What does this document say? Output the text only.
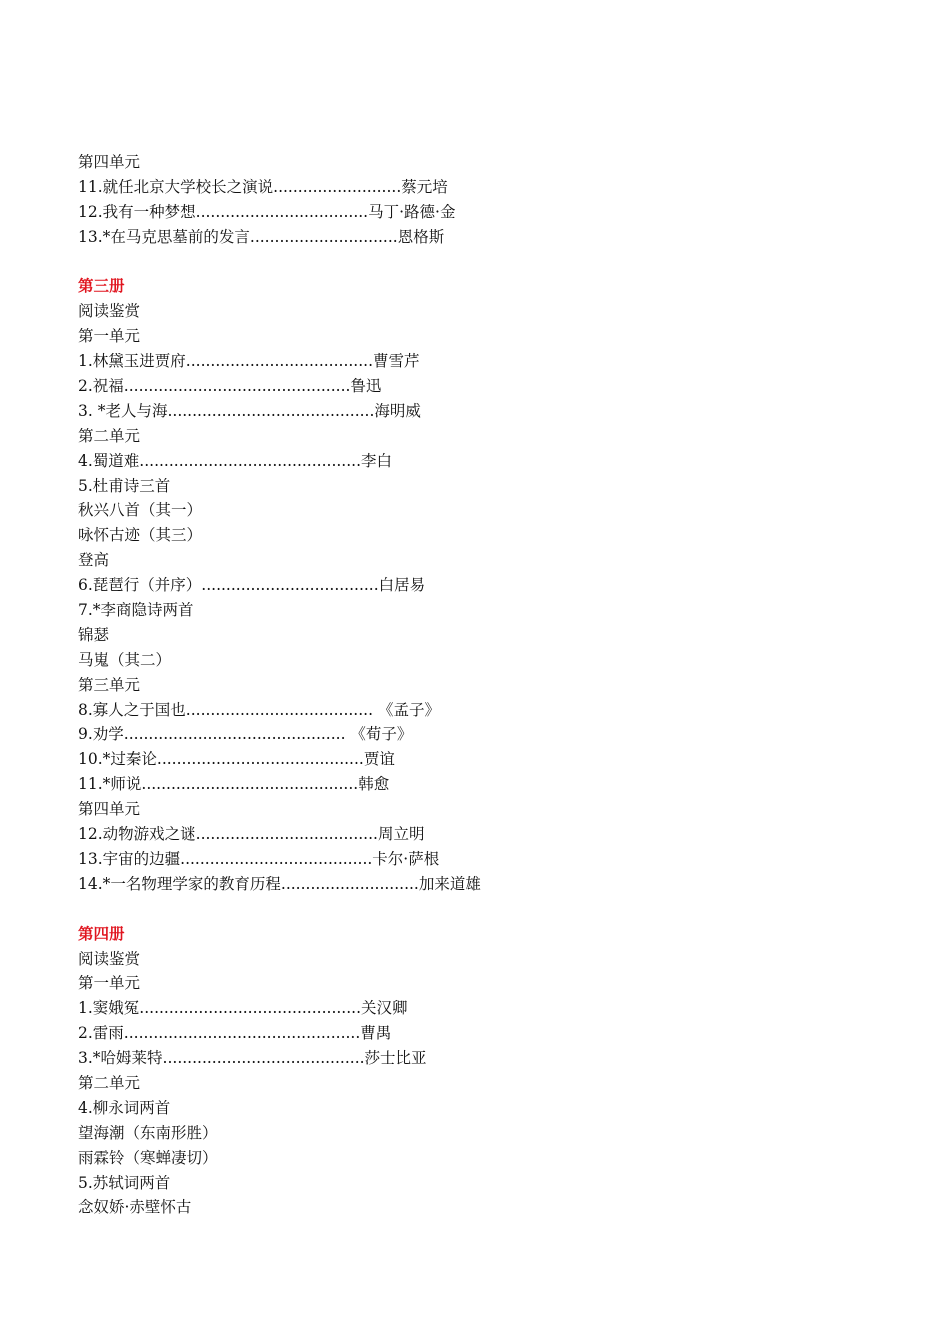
第四单元
11.就任北京大学校长之演说..........................蔡元培
12.我有一种梦想...................................马丁·路德·金
13.*在马克思墓前的发言..............................恩格斯
第三册
阅读鉴赏
第一单元
1.林黛玉进贾府......................................曹雪芹
2.祝福..............................................鲁迅
3. *老人与海..........................................海明威
第二单元
4.蜀道难.............................................李白
5.杜甫诗三首
秋兴八首（其一）
咏怀古迹（其三）
登高
6.琵琶行（并序）....................................白居易
7.*李商隐诗两首
锦瑟
马嵬（其二）
第三单元
8.寡人之于国也...................................... 《孟子》
9.劝学............................................. 《荀子》
10.*过秦论..........................................贾谊
11.*师说............................................韩愈
第四单元
12.动物游戏之谜.....................................周立明
13.宇宙的边疆.......................................卡尔·萨根
14.*一名物理学家的教育历程............................加来道雄
第四册
阅读鉴赏
第一单元
1.窦娥冤.............................................关汉卿
2.雷雨................................................曹禺
3.*哈姆莱特.........................................莎士比亚
第二单元
4.柳永词两首
望海潮（东南形胜）
雨霖铃（寒蝉凄切）
5.苏轼词两首
念奴娇·赤壁怀古
